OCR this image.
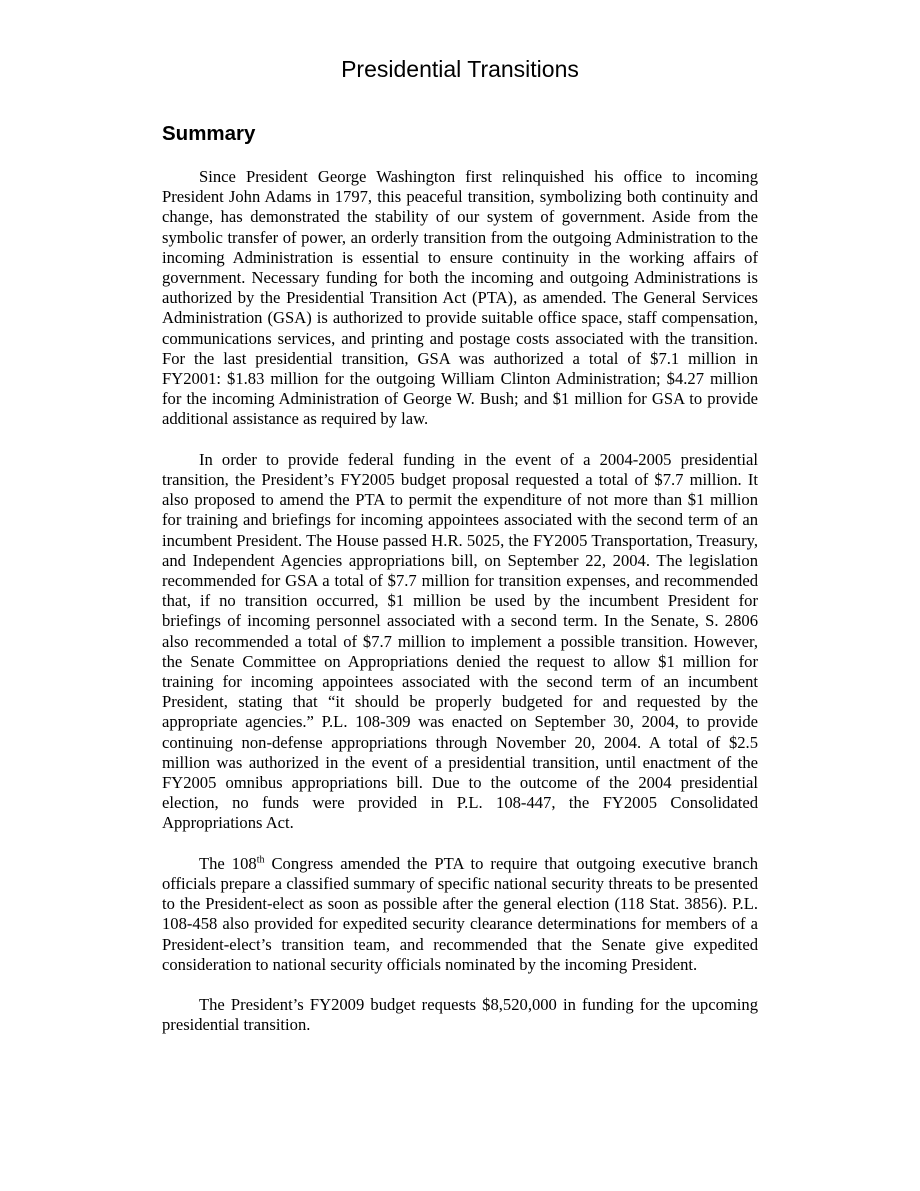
Presidential Transitions
Summary

Since President George Washington first relinquished his office to incoming President John Adams in 1797, this peaceful transition, symbolizing both continuity and change, has demonstrated the stability of our system of government. Aside from the symbolic transfer of power, an orderly transition from the outgoing Administration to the incoming Administration is essential to ensure continuity in the working affairs of government. Necessary funding for both the incoming and outgoing Administrations is authorized by the Presidential Transition Act (PTA), as amended. The General Services Administration (GSA) is authorized to provide suitable office space, staff compensation, communications services, and printing and postage costs associated with the transition. For the last presidential transition, GSA was authorized a total of $7.1 million in FY2001: $1.83 million for the outgoing William Clinton Administration; $4.27 million for the incoming Administration of George W. Bush; and $1 million for GSA to provide additional assistance as required by law.

In order to provide federal funding in the event of a 2004-2005 presidential transition, the President’s FY2005 budget proposal requested a total of $7.7 million. It also proposed to amend the PTA to permit the expenditure of not more than $1 million for training and briefings for incoming appointees associated with the second term of an incumbent President. The House passed H.R. 5025, the FY2005 Transportation, Treasury, and Independent Agencies appropriations bill, on September 22, 2004. The legislation recommended for GSA a total of $7.7 million for transition expenses, and recommended that, if no transition occurred, $1 million be used by the incumbent President for briefings of incoming personnel associated with a second term. In the Senate, S. 2806 also recommended a total of $7.7 million to implement a possible transition. However, the Senate Committee on Appropriations denied the request to allow $1 million for training for incoming appointees associated with the second term of an incumbent President, stating that “it should be properly budgeted for and requested by the appropriate agencies.” P.L. 108-309 was enacted on September 30, 2004, to provide continuing non-defense appropriations through November 20, 2004. A total of $2.5 million was authorized in the event of a presidential transition, until enactment of the FY2005 omnibus appropriations bill. Due to the outcome of the 2004 presidential election, no funds were provided in P.L. 108-447, the FY2005 Consolidated Appropriations Act.

The 108th Congress amended the PTA to require that outgoing executive branch officials prepare a classified summary of specific national security threats to be presented to the President-elect as soon as possible after the general election (118 Stat. 3856). P.L. 108-458 also provided for expedited security clearance determinations for members of a President-elect’s transition team, and recommended that the Senate give expedited consideration to national security officials nominated by the incoming President.

The President’s FY2009 budget requests $8,520,000 in funding for the upcoming presidential transition.
